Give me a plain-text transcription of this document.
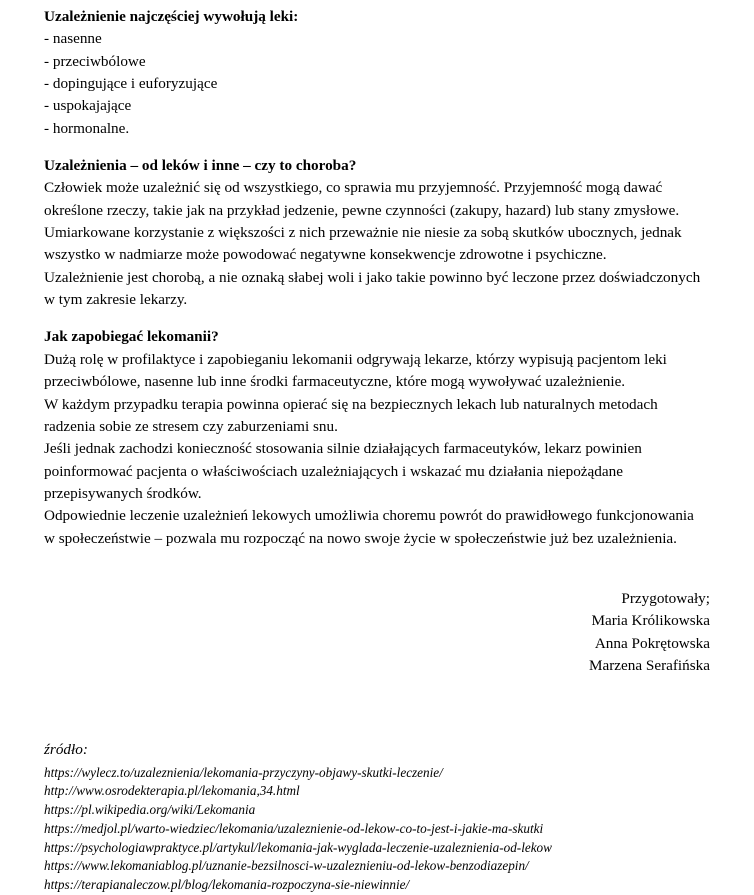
Uzależnienie najczęściej wywołują leki:

- nasenne

- przeciwbólowe

- dopingujące i euforyzujące

- uspokajające

- hormonalne.

Uzależnienia – od leków i inne – czy to choroba?

Człowiek może uzależnić się od wszystkiego, co sprawia mu przyjemność. Przyjemność mogą dawać

określone rzeczy, takie jak na przykład jedzenie, pewne czynności (zakupy, hazard) lub stany zmysłowe.

Umiarkowane korzystanie z większości z nich przeważnie nie niesie za sobą skutków ubocznych, jednak

wszystko w nadmiarze może powodować negatywne konsekwencje zdrowotne i psychiczne.

Uzależnienie jest chorobą, a nie oznaką słabej woli i jako takie powinno być leczone przez doświadczonych

w tym zakresie lekarzy.

Jak zapobiegać lekomanii?

Dużą rolę w profilaktyce i zapobieganiu lekomanii odgrywają lekarze, którzy wypisują pacjentom leki

przeciwbólowe, nasenne lub inne środki farmaceutyczne, które mogą wywoływać uzależnienie.

W każdym przypadku terapia powinna opierać się na bezpiecznych lekach lub naturalnych metodach

radzenia sobie ze stresem czy zaburzeniami snu.

Jeśli jednak zachodzi konieczność stosowania silnie działających farmaceutyków, lekarz powinien

poinformować pacjenta o właściwościach uzależniających i wskazać mu działania niepożądane

przepisywanych środków.

Odpowiednie leczenie uzależnień lekowych umożliwia choremu powrót do prawidłowego funkcjonowania

w społeczeństwie – pozwala mu rozpocząć na nowo swoje życie w społeczeństwie już bez uzależnienia.

Przygotowały;

Maria Królikowska

Anna Pokrętowska

Marzena Serafińska

źródło:

https://wylecz.to/uzaleznienia/lekomania-przyczyny-objawy-skutki-leczenie/
http://www.osrodekterapia.pl/lekomania,34.html
https://pl.wikipedia.org/wiki/Lekomania
https://medjol.pl/warto-wiedziec/lekomania/uzaleznienie-od-lekow-co-to-jest-i-jakie-ma-skutki
https://psychologiawpraktyce.pl/artykul/lekomania-jak-wyglada-leczenie-uzaleznienia-od-lekow
https://www.lekomaniablog.pl/uznanie-bezsilnosci-w-uzaleznieniu-od-lekow-benzodiazepin/
https://terapianaleczow.pl/blog/lekomania-rozpoczyna-sie-niewinnie/
